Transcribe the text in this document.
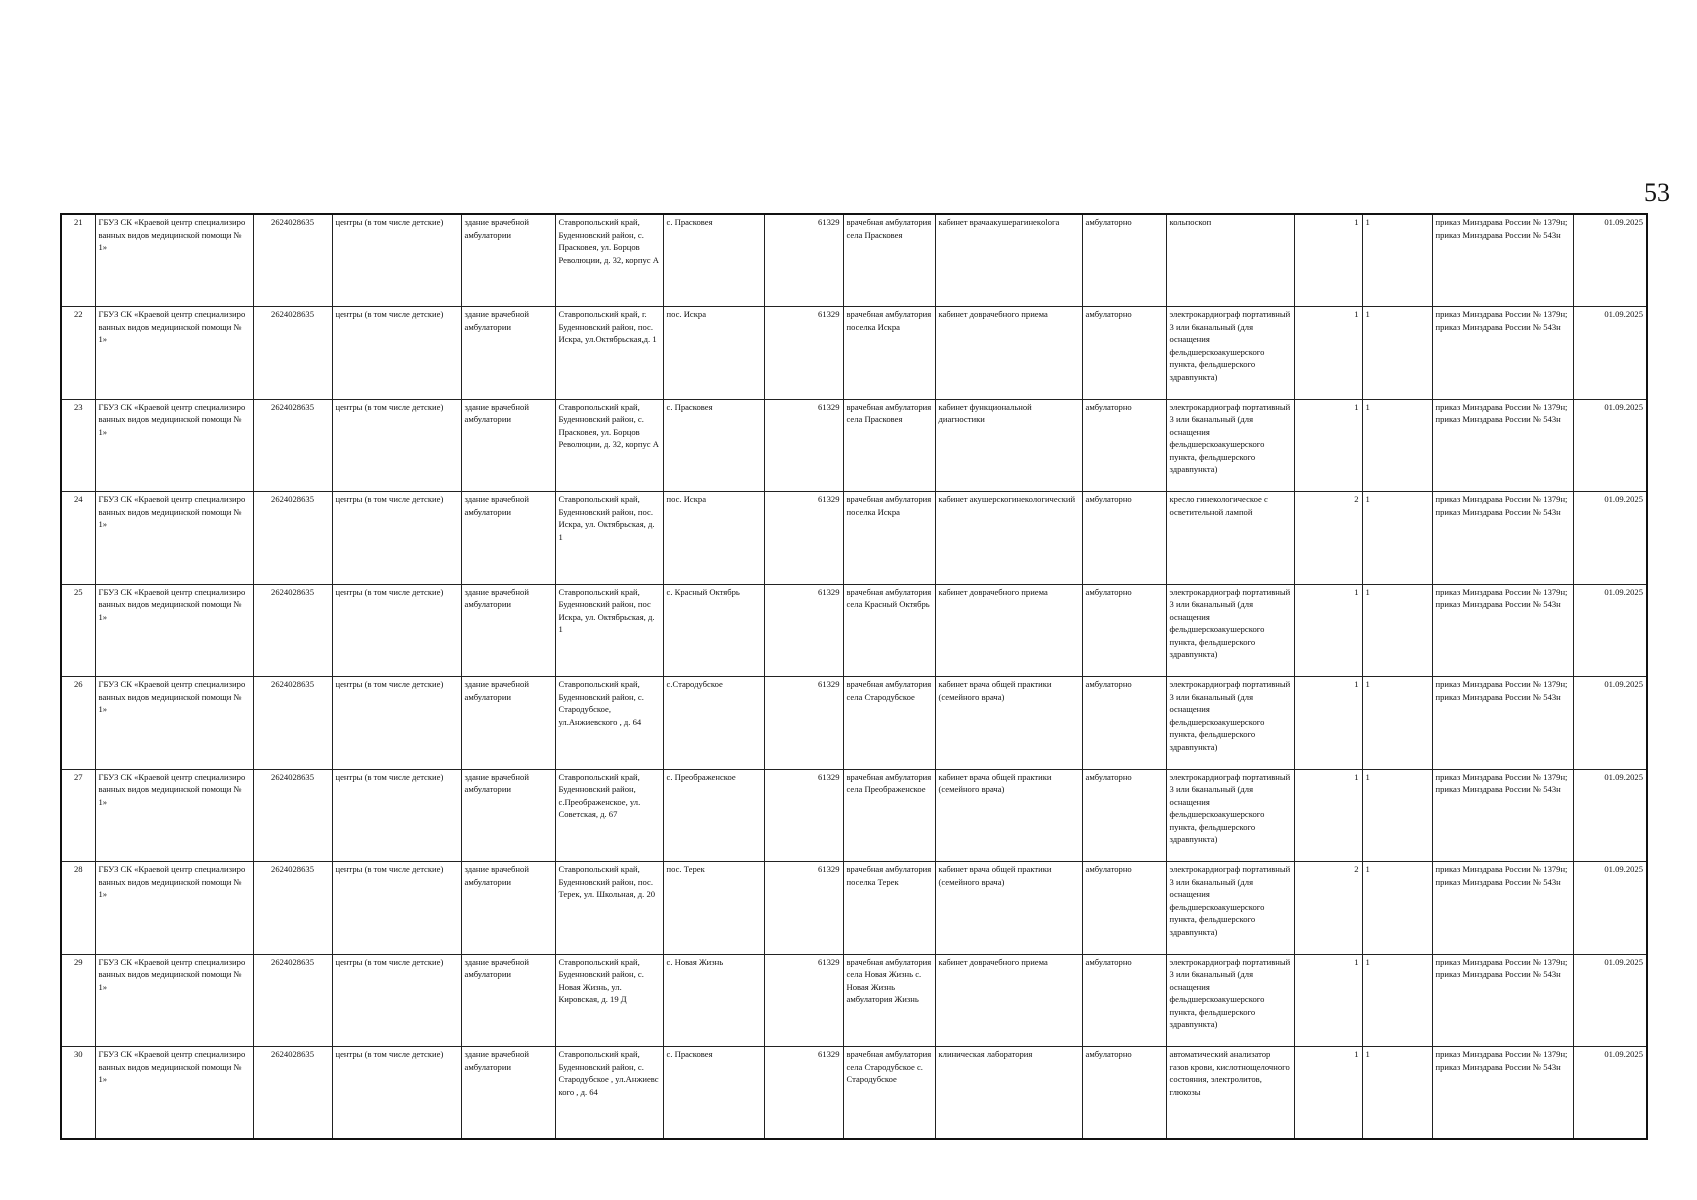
53
21	ГБУЗ СК «Краевой центр специализиро ванных видов медицинской помощи № 1»	2624028635	центры (в том числе детские)	здание врачебной амбулатории	Ставропольский край, Буденновский район, с. Прасковея, ул. Борцов Революции, д. 32, корпус А	с. Прасковея	61329	врачебная амбулатория села Прасковея	кабинет врачаакушерагинекolога	амбулаторно	кольпоскоп	1	1	приказ Минздрава России № 1379н; приказ Минздрава России № 543н	01.09.2025
22	ГБУЗ СК «Краевой центр специализиро ванных видов медицинской помощи № 1»	2624028635	центры (в том числе детские)	здание врачебной амбулатории	Ставропольский край, г. Буденновский район, пос. Искра, ул.Октябрьская,д. 1	пос. Искра	61329	врачебная амбулатория поселка Искра	кабинет доврачебного приема	амбулаторно	электрокардиограф портативный 3 или 6канальный (для оснащения фельдшерскоакушерского пункта, фельдшерского здравпункта)	1	1	приказ Минздрава России № 1379н; приказ Минздрава России № 543н	01.09.2025
23	ГБУЗ СК «Краевой центр специализиро ванных видов медицинской помощи № 1»	2624028635	центры (в том числе детские)	здание врачебной амбулатории	Ставропольский край, Буденновский район, с. Прасковея, ул. Борцов Революции, д. 32, корпус А	с. Прасковея	61329	врачебная амбулатория села Прасковея	кабинет функциональной диагностики	амбулаторно	электрокардиограф портативный 3 или 6канальный (для оснащения фельдшерскоакушерского пункта, фельдшерского здравпункта)	1	1	приказ Минздрава России № 1379н; приказ Минздрава России № 543н	01.09.2025
24	ГБУЗ СК «Краевой центр специализиро ванных видов медицинской помощи № 1»	2624028635	центры (в том числе детские)	здание врачебной амбулатории	Ставропольский край, Буденновский район, пос. Искра, ул. Октябрьская, д. 1	пос. Искра	61329	врачебная амбулатория поселка Искра	кабинет акушерскогинекологический	амбулаторно	кресло гинекологическое с осветительной лампой	2	1	приказ Минздрава России № 1379н; приказ Минздрава России № 543н	01.09.2025
25	ГБУЗ СК «Краевой центр специализиро ванных видов медицинской помощи № 1»	2624028635	центры (в том числе детские)	здание врачебной амбулатории	Ставропольский край, Буденновский район, пос Искра, ул. Октябрьская, д. 1	с. Красный Октябрь	61329	врачебная амбулатория села Красный Октябрь	кабинет доврачебного приема	амбулаторно	электрокардиограф портативный 3 или 6канальный (для оснащения фельдшерскоакушерского пункта, фельдшерского здравпункта)	1	1	приказ Минздрава России № 1379н; приказ Минздрава России № 543н	01.09.2025
26	ГБУЗ СК «Краевой центр специализиро ванных видов медицинской помощи № 1»	2624028635	центры (в том числе детские)	здание врачебной амбулатории	Ставропольский край, Буденновский район, с. Стародубское, ул.Анжиевского , д. 64	с.Стародубское	61329	врачебная амбулатория села Стародубское	кабинет врача общей практики (семейного врача)	амбулаторно	электрокардиограф портативный 3 или 6канальный (для оснащения фельдшерскоакушерского пункта, фельдшерского здравпункта)	1	1	приказ Минздрава России № 1379н; приказ Минздрава России № 543н	01.09.2025
27	ГБУЗ СК «Краевой центр специализиро ванных видов медицинской помощи № 1»	2624028635	центры (в том числе детские)	здание врачебной амбулатории	Ставропольский край, Буденновский район, с.Преображенское, ул. Советская, д. 67	с. Преображенское	61329	врачебная амбулатория села Преображенское	кабинет врача общей практики (семейного врача)	амбулаторно	электрокардиограф портативный 3 или 6канальный (для оснащения фельдшерскоакушерского пункта, фельдшерского здравпункта)	1	1	приказ Минздрава России № 1379н; приказ Минздрава России № 543н	01.09.2025
28	ГБУЗ СК «Краевой центр специализиро ванных видов медицинской помощи № 1»	2624028635	центры (в том числе детские)	здание врачебной амбулатории	Ставропольский край, Буденновский район, пос. Терек, ул. Школьная, д. 20	пос. Терек	61329	врачебная амбулатория поселка Терек	кабинет врача общей практики (семейного врача)	амбулаторно	электрокардиограф портативный 3 или 6канальный (для оснащения фельдшерскоакушерского пункта, фельдшерского здравпункта)	2	1	приказ Минздрава России № 1379н; приказ Минздрава России № 543н	01.09.2025
29	ГБУЗ СК «Краевой центр специализиро ванных видов медицинской помощи № 1»	2624028635	центры (в том числе детские)	здание врачебной амбулатории	Ставропольский край, Буденновский район, с. Новая Жизнь, ул. Кировская, д. 19 Д	с. Новая Жизнь	61329	врачебная амбулатория села Новая Жизнь с. Новая Жизнь амбулатория Жизнь	кабинет доврачебного приема	амбулаторно	электрокардиограф портативный 3 или 6канальный (для оснащения фельдшерскоакушерского пункта, фельдшерского здравпункта)	1	1	приказ Минздрава России № 1379н; приказ Минздрава России № 543н	01.09.2025
30	ГБУЗ СК «Краевой центр специализиро ванных видов медицинской помощи № 1»	2624028635	центры (в том числе детские)	здание врачебной амбулатории	Ставропольский край, Буденновский район, с. Стародубское , ул.Анжиевс кого , д. 64	с. Прасковея	61329	врачебная амбулатория села Стародубское с. Стародубское	клиническая лаборатория	амбулаторно	автоматический анализатор газов крови, кислотнощелочного состояния, электролитов, глюкозы	1	1	приказ Минздрава России № 1379н; приказ Минздрава России № 543н	01.09.2025
